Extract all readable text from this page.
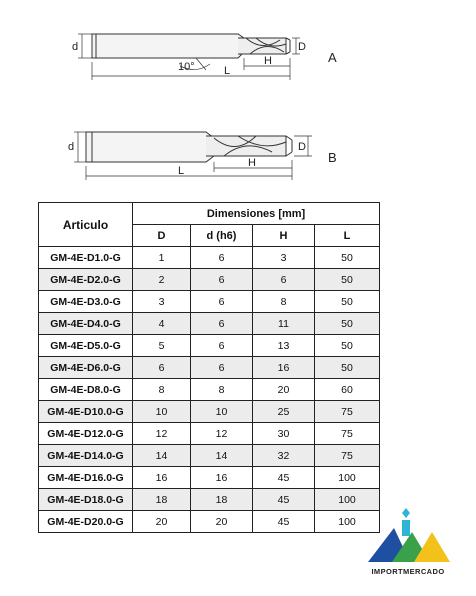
d
10°	L
H
D
A
d
L
H
D
B
Articulo	Dimensiones [mm]			
	D	d (h6)	H	L
GM-4E-D1.0-G	1	6	3	50
GM-4E-D2.0-G	2	6	6	50
GM-4E-D3.0-G	3	6	8	50
GM-4E-D4.0-G	4	6	11	50
GM-4E-D5.0-G	5	6	13	50
GM-4E-D6.0-G	6	6	16	50
GM-4E-D8.0-G	8	8	20	60
GM-4E-D10.0-G	10	10	25	75
GM-4E-D12.0-G	12	12	30	75
GM-4E-D14.0-G	14	14	32	75
GM-4E-D16.0-G	16	16	45	100
GM-4E-D18.0-G	18	18	45	100
GM-4E-D20.0-G	20	20	45	100
IMPORTMERCADO
